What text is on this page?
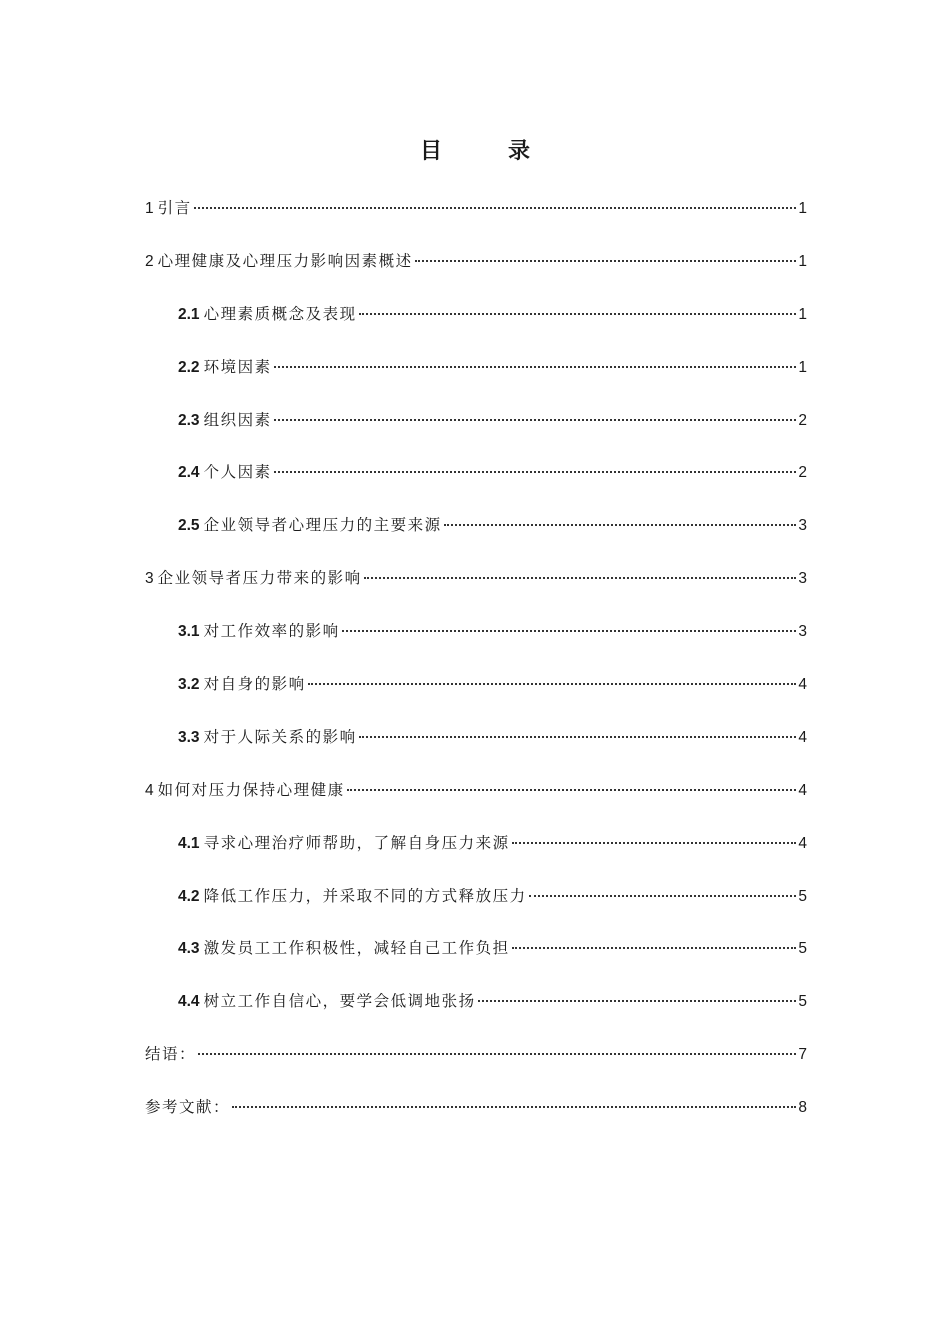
目　录
1 引言	1
2 心理健康及心理压力影响因素概述	1
2.1 心理素质概念及表现	1
2.2 环境因素	1
2.3 组织因素	2
2.4 个人因素	2
2.5 企业领导者心理压力的主要来源	3
3 企业领导者压力带来的影响	3
3.1 对工作效率的影响	3
3.2 对自身的影响	4
3.3 对于人际关系的影响	4
4 如何对压力保持心理健康	4
4.1 寻求心理治疗师帮助，了解自身压力来源	4
4.2 降低工作压力，并采取不同的方式释放压力	5
4.3 激发员工工作积极性，减轻自己工作负担	5
4.4 树立工作自信心，要学会低调地张扬	5
结语：	7
参考文献：	8
